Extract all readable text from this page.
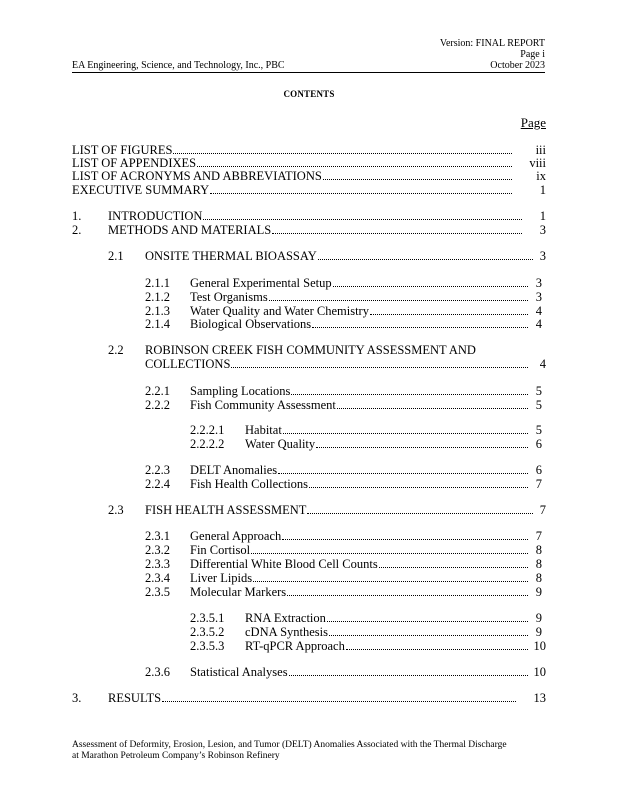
Version: FINAL REPORT
Page i
October 2023
EA Engineering, Science, and Technology, Inc., PBC
CONTENTS
Page
LIST OF FIGURES	iii
LIST OF APPENDIXES	viii
LIST OF ACRONYMS AND ABBREVIATIONS	ix
EXECUTIVE SUMMARY	1
1. INTRODUCTION	1
2. METHODS AND MATERIALS	3
2.1 ONSITE THERMAL BIOASSAY	3
2.1.1 General Experimental Setup	3
2.1.2 Test Organisms	3
2.1.3 Water Quality and Water Chemistry	4
2.1.4 Biological Observations	4
2.2 ROBINSON CREEK FISH COMMUNITY ASSESSMENT AND
COLLECTIONS	4
2.2.1 Sampling Locations	5
2.2.2 Fish Community Assessment	5
2.2.2.1 Habitat	5
2.2.2.2 Water Quality	6
2.2.3 DELT Anomalies	6
2.2.4 Fish Health Collections	7
2.3 FISH HEALTH ASSESSMENT	7
2.3.1 General Approach	7
2.3.2 Fin Cortisol	8
2.3.3 Differential White Blood Cell Counts	8
2.3.4 Liver Lipids	8
2.3.5 Molecular Markers	9
2.3.5.1 RNA Extraction	9
2.3.5.2 cDNA Synthesis	9
2.3.5.3 RT-qPCR Approach	10
2.3.6 Statistical Analyses	10
3. RESULTS	13
Assessment of Deformity, Erosion, Lesion, and Tumor (DELT) Anomalies Associated with the Thermal Discharge
at Marathon Petroleum Company’s Robinson Refinery
